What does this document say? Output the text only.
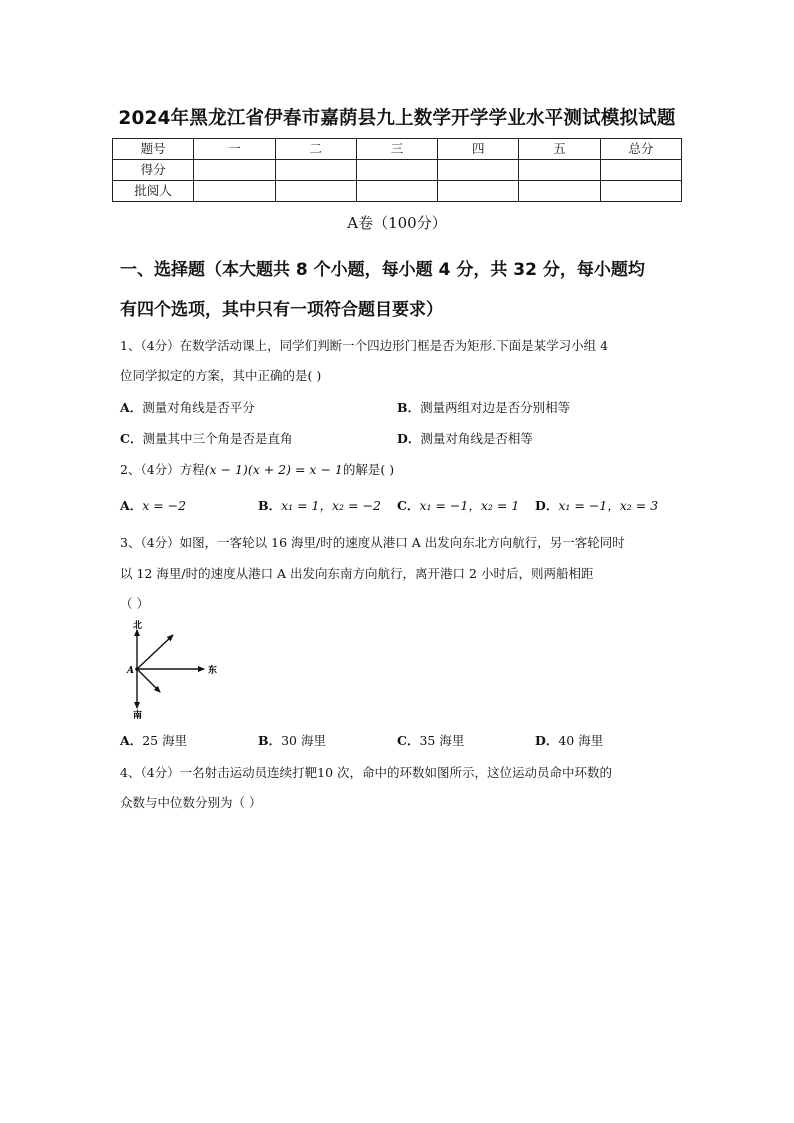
2024年黑龙江省伊春市嘉荫县九上数学开学学业水平测试模拟试题
题号	一	二	三	四	五	总分
得分						
批阅人						
A卷（100分）
一、选择题（本大题共 8 个小题，每小题 4 分，共 32 分，每小题均
有四个选项，其中只有一项符合题目要求）
1、（4分）在数学活动课上，同学们判断一个四边形门框是否为矩形.下面是某学习小组 4
位同学拟定的方案，其中正确的是( )
A．测量对角线是否平分	B．测量两组对边是否分别相等
C．测量其中三个角是否是直角	D．测量对角线是否相等
2、（4分）方程(x − 1)(x + 2) = x − 1的解是( )
A．x = −2	B．x₁ = 1，x₂ = −2 C．x₁ = −1，x₂ = 1 D．x₁ = −1，x₂ = 3
3、（4分）如图，一客轮以 16 海里/时的速度从港口 A 出发向东北方向航行，另一客轮同时
以 12 海里/时的速度从港口 A 出发向东南方向航行，离开港口 2 小时后，则两船相距
（ ）
北
南
东
A
A．25 海里	B．30 海里	C．35 海里	D．40 海里
4、（4分）一名射击运动员连续打靶10 次，命中的环数如图所示，这位运动员命中环数的
众数与中位数分别为（ ）
